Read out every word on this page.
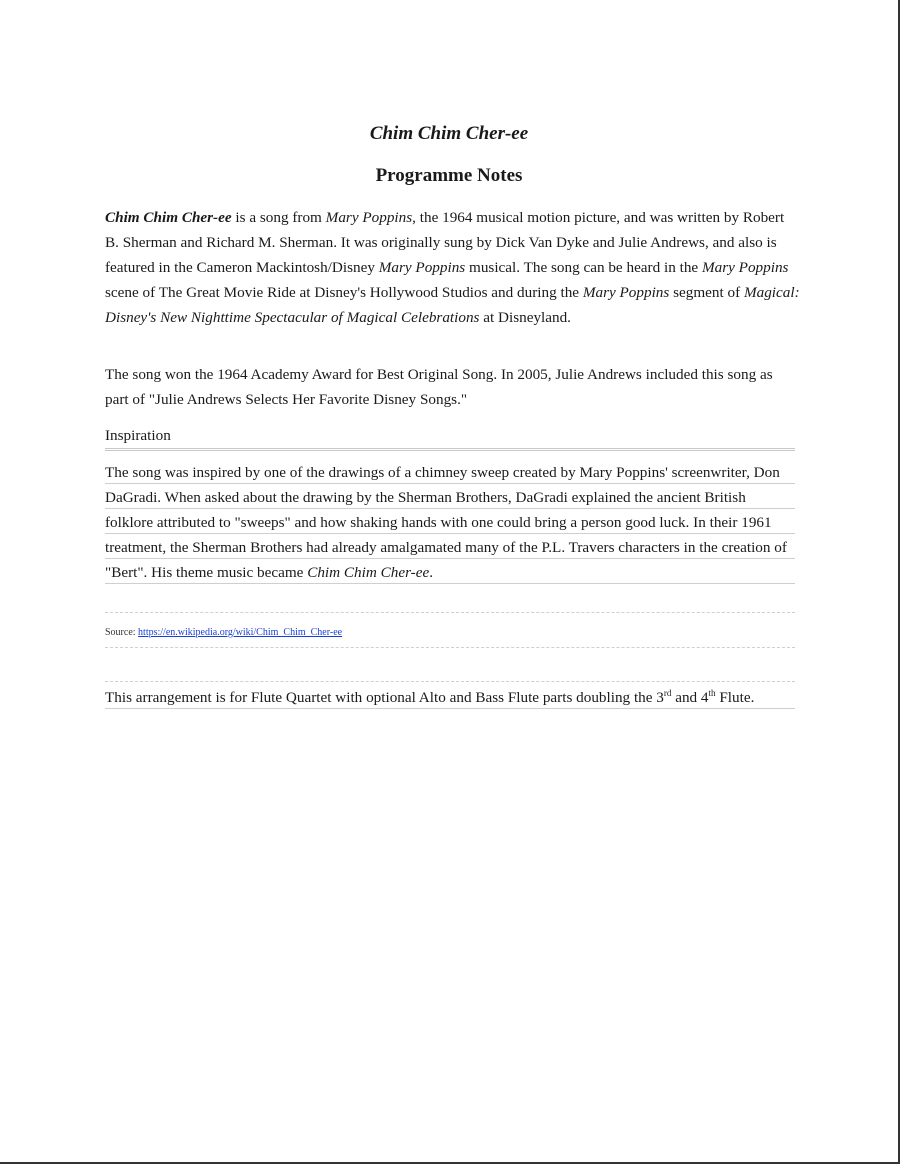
Chim Chim Cher-ee
Programme Notes

Chim Chim Cher-ee is a song from Mary Poppins, the 1964 musical motion picture, and was written by Robert B. Sherman and Richard M. Sherman. It was originally sung by Dick Van Dyke and Julie Andrews, and also is featured in the Cameron Mackintosh/Disney Mary Poppins musical. The song can be heard in the Mary Poppins scene of The Great Movie Ride at Disney's Hollywood Studios and during the Mary Poppins segment of Magical: Disney's New Nighttime Spectacular of Magical Celebrations at Disneyland.

The song won the 1964 Academy Award for Best Original Song. In 2005, Julie Andrews included this song as part of "Julie Andrews Selects Her Favorite Disney Songs."

Inspiration

The song was inspired by one of the drawings of a chimney sweep created by Mary Poppins' screenwriter, Don DaGradi. When asked about the drawing by the Sherman Brothers, DaGradi explained the ancient British folklore attributed to "sweeps" and how shaking hands with one could bring a person good luck. In their 1961 treatment, the Sherman Brothers had already amalgamated many of the P.L. Travers characters in the creation of "Bert". His theme music became Chim Chim Cher-ee.

Source: https://en.wikipedia.org/wiki/Chim_Chim_Cher-ee

This arrangement is for Flute Quartet with optional Alto and Bass Flute parts doubling the 3rd and 4th Flute.
